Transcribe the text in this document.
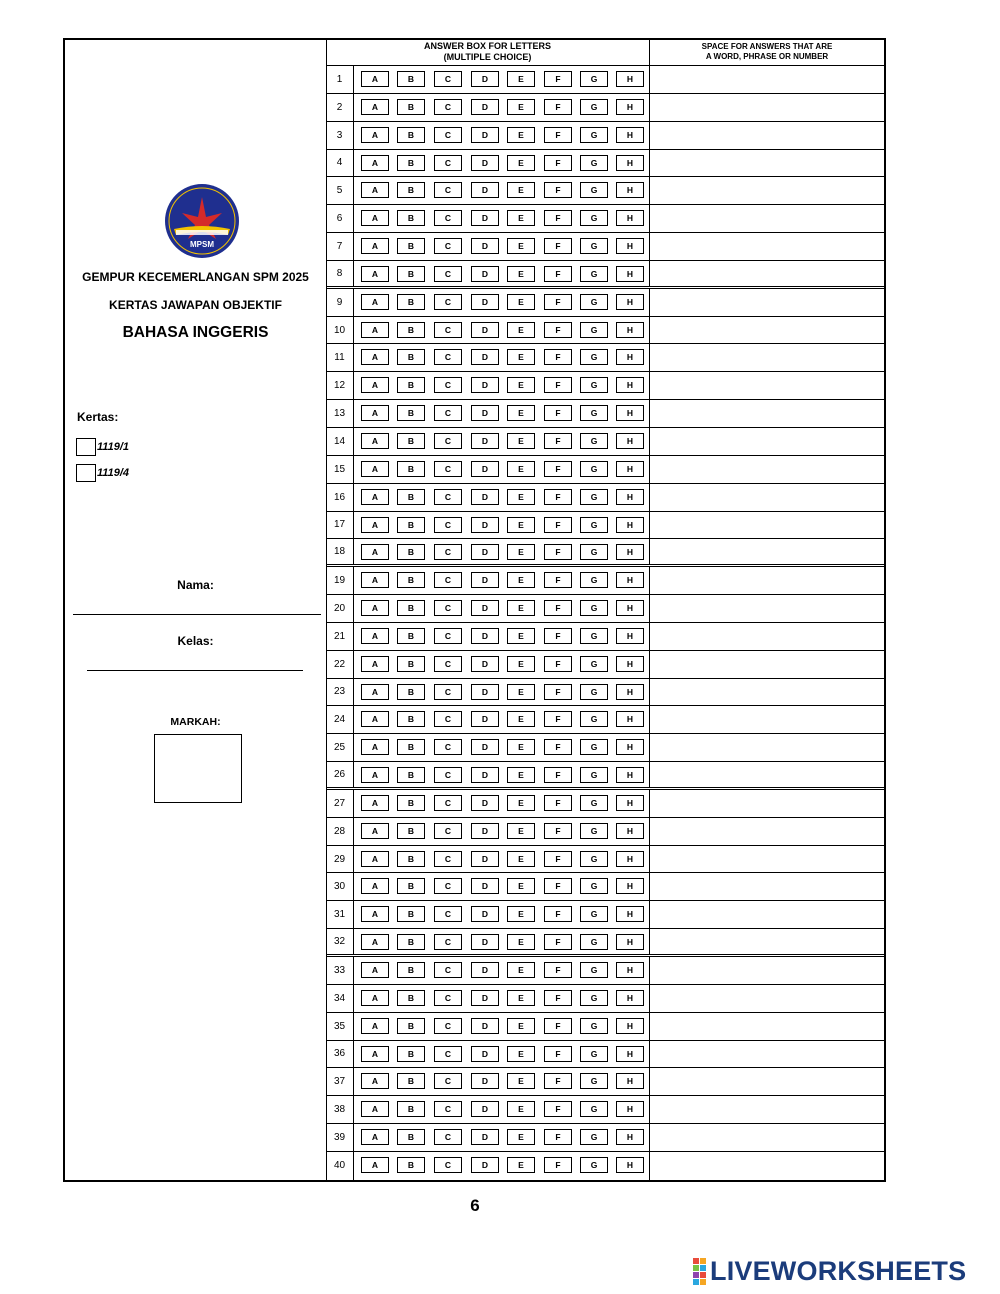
MPSM
GEMPUR KECEMERLANGAN SPM 2025
KERTAS JAWAPAN OBJEKTIF
BAHASA INGGERIS
Kertas:
1119/1
1119/4
Nama:
Kelas:
MARKAH:
ANSWER BOX FOR LETTERS
(MULTIPLE CHOICE)
SPACE FOR ANSWERS THAT ARE
A WORD, PHRASE OR NUMBER
1	A	B	C	D	E	F	G	H
2	A	B	C	D	E	F	G	H
3	A	B	C	D	E	F	G	H
4	A	B	C	D	E	F	G	H
5	A	B	C	D	E	F	G	H
6	A	B	C	D	E	F	G	H
7	A	B	C	D	E	F	G	H
8	A	B	C	D	E	F	G	H
9	A	B	C	D	E	F	G	H
10	A	B	C	D	E	F	G	H
11	A	B	C	D	E	F	G	H
12	A	B	C	D	E	F	G	H
13	A	B	C	D	E	F	G	H
14	A	B	C	D	E	F	G	H
15	A	B	C	D	E	F	G	H
16	A	B	C	D	E	F	G	H
17	A	B	C	D	E	F	G	H
18	A	B	C	D	E	F	G	H
19	A	B	C	D	E	F	G	H
20	A	B	C	D	E	F	G	H
21	A	B	C	D	E	F	G	H
22	A	B	C	D	E	F	G	H
23	A	B	C	D	E	F	G	H
24	A	B	C	D	E	F	G	H
25	A	B	C	D	E	F	G	H
26	A	B	C	D	E	F	G	H
27	A	B	C	D	E	F	G	H
28	A	B	C	D	E	F	G	H
29	A	B	C	D	E	F	G	H
30	A	B	C	D	E	F	G	H
31	A	B	C	D	E	F	G	H
32	A	B	C	D	E	F	G	H
33	A	B	C	D	E	F	G	H
34	A	B	C	D	E	F	G	H
35	A	B	C	D	E	F	G	H
36	A	B	C	D	E	F	G	H
37	A	B	C	D	E	F	G	H
38	A	B	C	D	E	F	G	H
39	A	B	C	D	E	F	G	H
40	A	B	C	D	E	F	G	H
6
LIVEWORKSHEETS
